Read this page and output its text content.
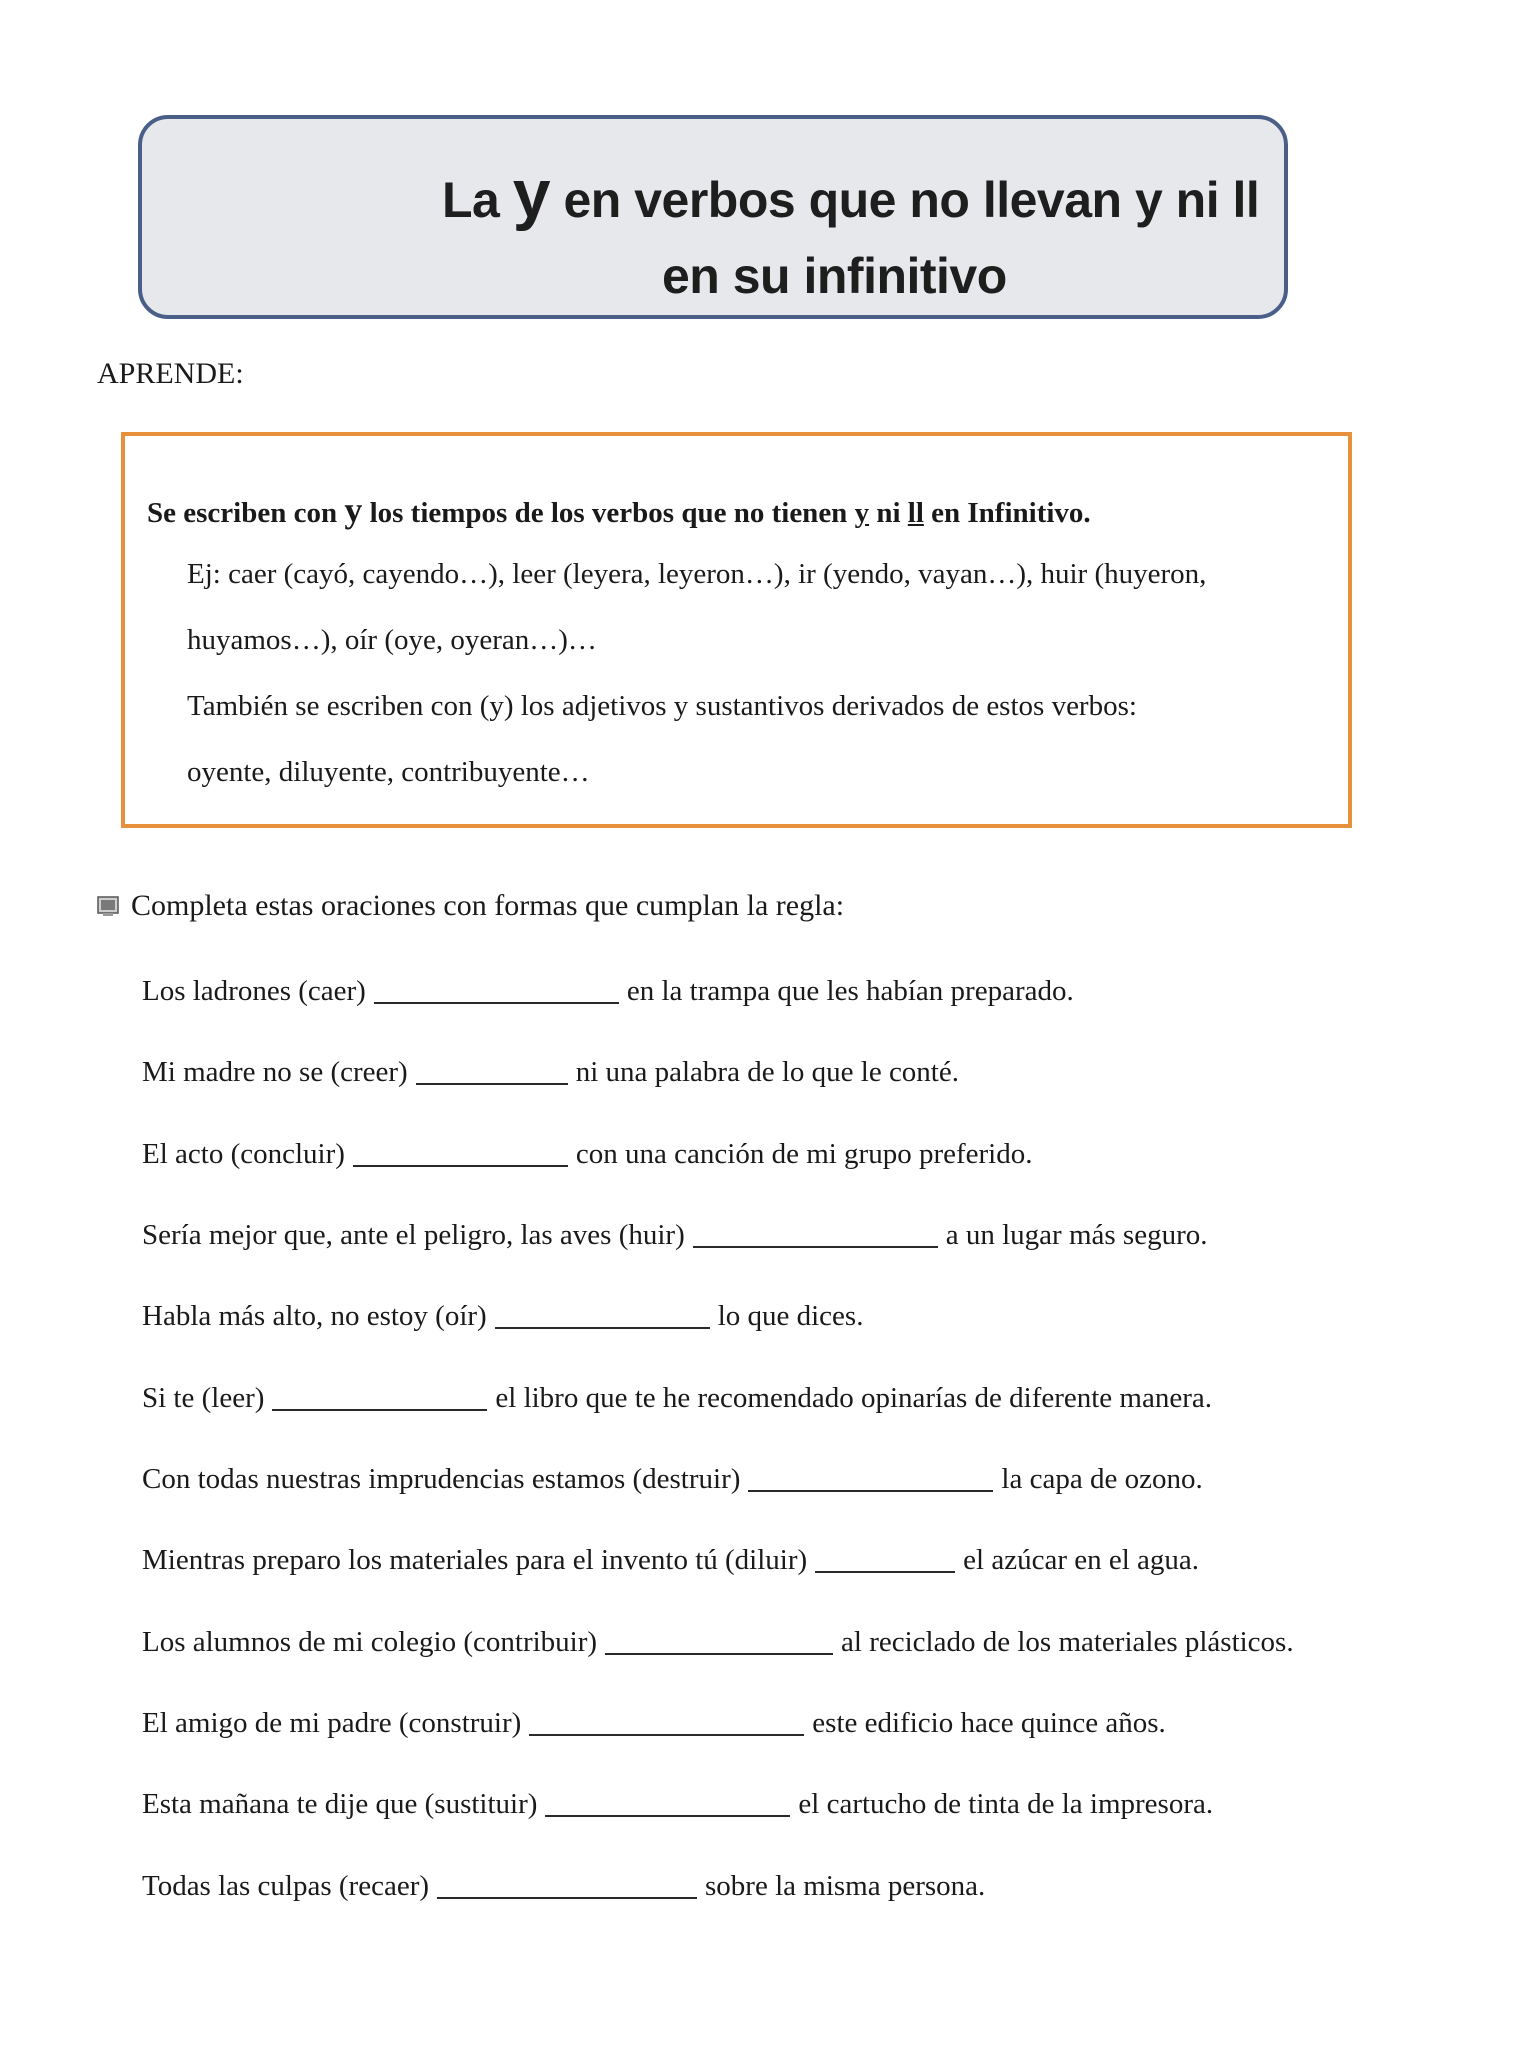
La y en verbos que no llevan y ni ll
en su infinitivo
APRENDE:
Se escriben con y los tiempos de los verbos que no tienen y ni ll en Infinitivo.
Ej: caer (cayó, cayendo…), leer (leyera, leyeron…), ir (yendo, vayan…), huir (huyeron,
huyamos…), oír (oye, oyeran…)…
También se escriben con (y) los adjetivos y sustantivos derivados de estos verbos:
oyente, diluyente, contribuyente…
Completa estas oraciones con formas que cumplan la regla:
Los ladrones (caer)	en la trampa que les habían preparado.
Mi madre no se (creer)	ni una palabra de lo que le conté.
El acto (concluir)	con una canción de mi grupo preferido.
Sería mejor que, ante el peligro, las aves (huir)	a un lugar más seguro.
Habla más alto, no estoy (oír)	lo que dices.
Si te (leer)	el libro que te he recomendado opinarías de diferente manera.
Con todas nuestras imprudencias estamos (destruir)	la capa de ozono.
Mientras preparo los materiales para el invento tú (diluir)	el azúcar en el agua.
Los alumnos de mi colegio (contribuir)	al reciclado de los materiales plásticos.
El amigo de mi padre (construir)	este edificio hace quince años.
Esta mañana te dije que (sustituir)	el cartucho de tinta de la impresora.
Todas las culpas (recaer)	sobre la misma persona.
